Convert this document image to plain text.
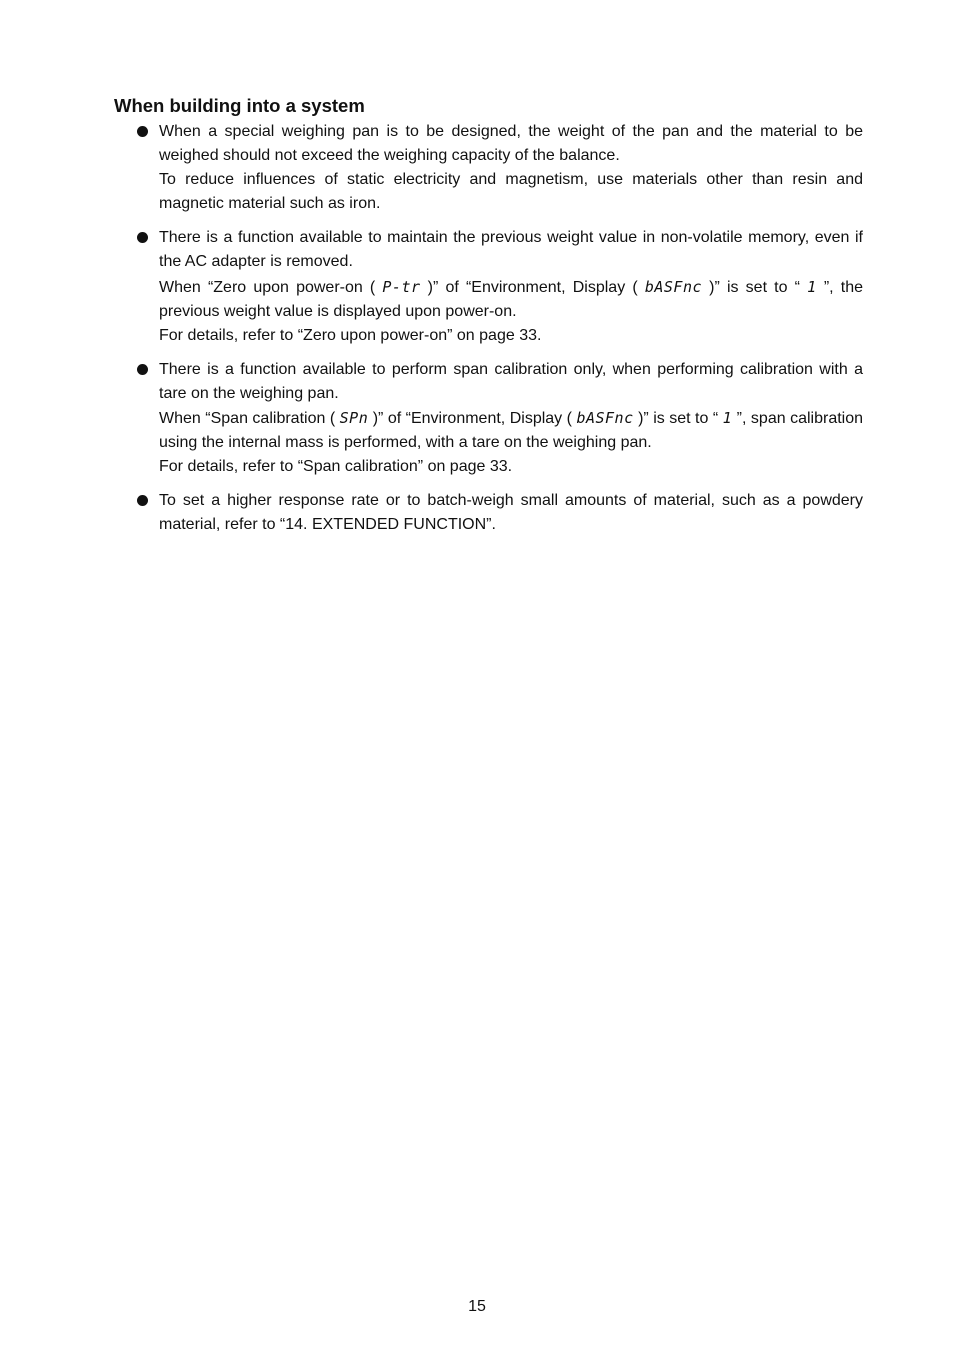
When building into a system

When a special weighing pan is to be designed, the weight of the pan and the material to be weighed should not exceed the weighing capacity of the balance.

To reduce influences of static electricity and magnetism, use materials other than resin and magnetic material such as iron.

There is a function available to maintain the previous weight value in non-volatile memory, even if the AC adapter is removed.

When “Zero upon power-on ( P-tr )” of “Environment, Display ( bASFnc )” is set to “ 1 ”, the previous weight value is displayed upon power-on.

For details, refer to “Zero upon power-on” on page 33.

There is a function available to perform span calibration only, when performing calibration with a tare on the weighing pan.

When “Span calibration ( SPn )” of “Environment, Display ( bASFnc )” is set to “ 1 ”, span calibration using the internal mass is performed, with a tare on the weighing pan.

For details, refer to “Span calibration” on page 33.

To set a higher response rate or to batch-weigh small amounts of material, such as a powdery material, refer to “14. EXTENDED FUNCTION”.

15
